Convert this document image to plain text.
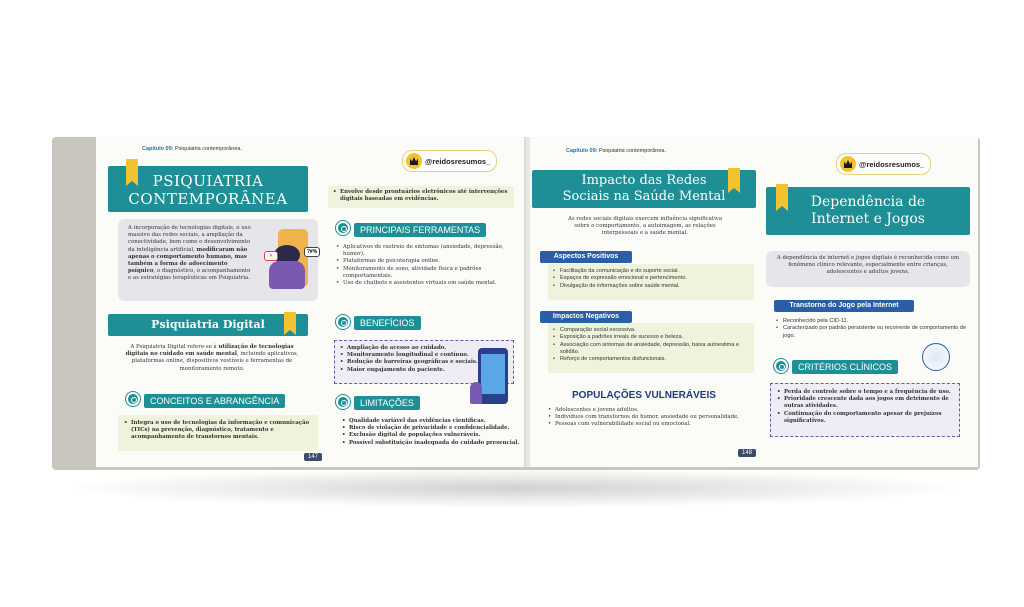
Capítulo 09: Psiquiatria contemporânea.
PSIQUIATRIA
CONTEMPORÂNEA
@reidosresumos_
A incorporação de tecnologias digitais, o uso massivo das redes sociais, a ampliação da conectividade, bem como o desenvolvimento da inteligência artificial, modificaram não apenas o comportamento humano, mas também a forma de adoecimento psíquico, o diagnóstico, o acompanhamento e as estratégias terapêuticas em Psiquiatria.
✕
?#%
Psiquiatria Digital
A Psiquiatria Digital refere-se à utilização de tecnologias digitais no cuidado em saúde mental, incluindo aplicativos, plataformas online, dispositivos vestíveis e ferramentas de monitoramento remoto.
CONCEITOS E ABRANGÊNCIA
• Integra o uso de tecnologias da informação e comunicação (TICs) na prevenção, diagnóstico, tratamento e acompanhamento de transtornos mentais.
147
• Envolve desde prontuários eletrônicos até intervenções digitais baseadas em evidências.
PRINCIPAIS FERRAMENTAS
• Aplicativos de rastreio de sintomas (ansiedade, depressão, humor).
• Plataformas de psicoterapia online.
• Monitoramento de sono, atividade física e padrões comportamentais.
• Uso de chatbots e assistentes virtuais em saúde mental.
BENEFÍCIOS
• Ampliação do acesso ao cuidado.
• Monitoramento longitudinal e contínuo.
• Redução de barreiras geográficas e sociais.
• Maior engajamento do paciente.
LIMITAÇÕES
• Qualidade variável das evidências científicas.
• Risco de violação de privacidade e confidencialidade.
• Exclusão digital de populações vulneráveis.
• Possível substituição inadequada do cuidado presencial.
Capítulo 09: Psiquiatria contemporânea.
@reidosresumos_
Impacto das Redes
Sociais na Saúde Mental
As redes sociais digitais exercem influência significativa sobre o comportamento, a autoimagem, as relações interpessoais e a saúde mental.
Aspectos Positivos
• Facilitação da comunicação e do suporte social.
• Espaços de expressão emocional e pertencimento.
• Divulgação de informações sobre saúde mental.
Impactos Negativos
• Comparação social excessiva.
• Exposição a padrões irreais de sucesso e beleza.
• Associação com sintomas de ansiedade, depressão, baixa autoestima e solidão.
• Reforço de comportamentos disfuncionais.
POPULAÇÕES VULNERÁVEIS
• Adolescentes e jovens adultos.
• Indivíduos com transtornos do humor, ansiedade ou personalidade.
• Pessoas com vulnerabilidade social ou emocional.
148
Dependência de
Internet e Jogos
A dependência de internet e jogos digitais é reconhecida como um fenômeno clínico relevante, especialmente entre crianças, adolescentes e adultos jovens.
Transtorno do Jogo pela Internet
• Reconhecido pela CID-11.
• Caracterizado por padrão persistente ou recorrente de comportamento de jogo.
CRITÉRIOS CLÍNICOS
• Perda de controle sobre o tempo e a frequência de uso.
• Prioridade crescente dada aos jogos em detrimento de outras atividades.
• Continuação do comportamento apesar de prejuízos significativos.
